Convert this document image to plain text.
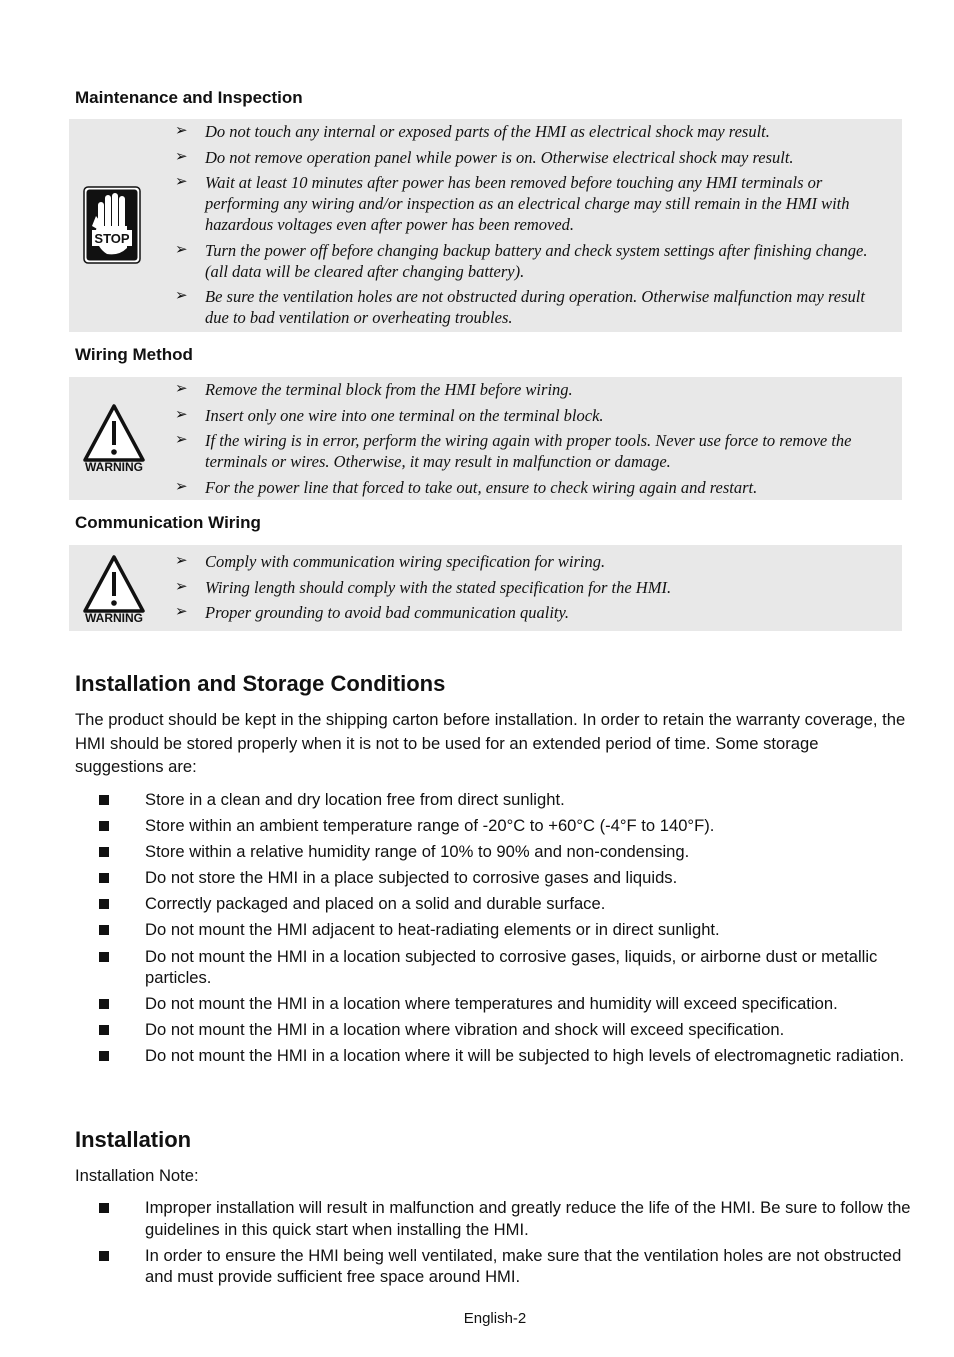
Maintenance and Inspection
STOP
➢ Do not touch any internal or exposed parts of the HMI as electrical shock may result.
➢ Do not remove operation panel while power is on. Otherwise electrical shock may result.
➢ Wait at least 10 minutes after power has been removed before touching any HMI terminals or performing any wiring and/or inspection as an electrical charge may still remain in the HMI with hazardous voltages even after power has been removed.
➢ Turn the power off before changing backup battery and check system settings after finishing change. (all data will be cleared after changing battery).
➢ Be sure the ventilation holes are not obstructed during operation. Otherwise malfunction may result due to bad ventilation or overheating troubles.
Wiring Method
WARNING
➢ Remove the terminal block from the HMI before wiring.
➢ Insert only one wire into one terminal on the terminal block.
➢ If the wiring is in error, perform the wiring again with proper tools. Never use force to remove the terminals or wires. Otherwise, it may result in malfunction or damage.
➢ For the power line that forced to take out, ensure to check wiring again and restart.
Communication Wiring
WARNING
➢ Comply with communication wiring specification for wiring.
➢ Wiring length should comply with the stated specification for the HMI.
➢ Proper grounding to avoid bad communication quality.
Installation and Storage Conditions

The product should be kept in the shipping carton before installation. In order to retain the warranty coverage, the HMI should be stored properly when it is not to be used for an extended period of time. Some storage suggestions are:

Store in a clean and dry location free from direct sunlight.
Store within an ambient temperature range of -20°C to +60°C (-4°F to 140°F).
Store within a relative humidity range of 10% to 90% and non-condensing.
Do not store the HMI in a place subjected to corrosive gases and liquids.
Correctly packaged and placed on a solid and durable surface.
Do not mount the HMI adjacent to heat-radiating elements or in direct sunlight.
Do not mount the HMI in a location subjected to corrosive gases, liquids, or airborne dust or metallic particles.
Do not mount the HMI in a location where temperatures and humidity will exceed specification.
Do not mount the HMI in a location where vibration and shock will exceed specification.
Do not mount the HMI in a location where it will be subjected to high levels of electromagnetic radiation.
Installation

Installation Note:

Improper installation will result in malfunction and greatly reduce the life of the HMI. Be sure to follow the guidelines in this quick start when installing the HMI.
In order to ensure the HMI being well ventilated, make sure that the ventilation holes are not obstructed and must provide sufficient free space around HMI.
English-2
